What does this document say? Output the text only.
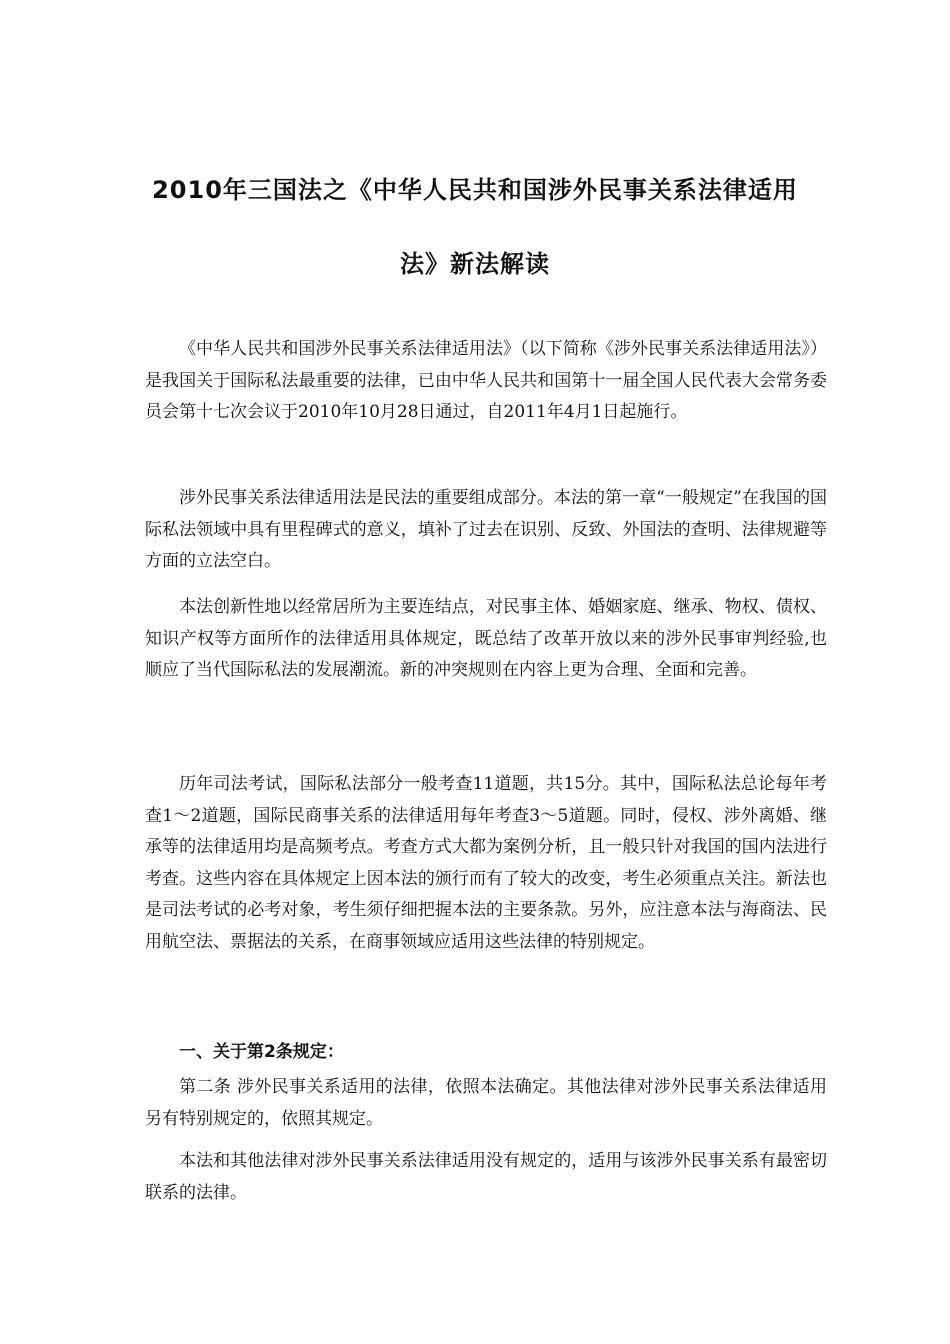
2010年三国法之《中华人民共和国涉外民事关系法律适用
法》新法解读

《中华人民共和国涉外民事关系法律适用法》（以下简称《涉外民事关系法律适用法》）是我国关于国际私法最重要的法律，已由中华人民共和国第十一届全国人民代表大会常务委员会第十七次会议于2010年10月28日通过，自2011年4月1日起施行。

涉外民事关系法律适用法是民法的重要组成部分。本法的第一章“一般规定”在我国的国际私法领域中具有里程碑式的意义，填补了过去在识别、反致、外国法的查明、法律规避等方面的立法空白。

本法创新性地以经常居所为主要连结点，对民事主体、婚姻家庭、继承、物权、债权、知识产权等方面所作的法律适用具体规定，既总结了改革开放以来的涉外民事审判经验,也顺应了当代国际私法的发展潮流。新的冲突规则在内容上更为合理、全面和完善。

历年司法考试，国际私法部分一般考查11道题，共15分。其中，国际私法总论每年考查1～2道题，国际民商事关系的法律适用每年考查3～5道题。同时，侵权、涉外离婚、继承等的法律适用均是高频考点。考查方式大都为案例分析，且一般只针对我国的国内法进行考查。这些内容在具体规定上因本法的颁行而有了较大的改变，考生必须重点关注。新法也是司法考试的必考对象，考生须仔细把握本法的主要条款。另外，应注意本法与海商法、民用航空法、票据法的关系，在商事领域应适用这些法律的特别规定。

一、关于第2条规定：

第二条 涉外民事关系适用的法律，依照本法确定。其他法律对涉外民事关系法律适用另有特别规定的，依照其规定。

本法和其他法律对涉外民事关系法律适用没有规定的，适用与该涉外民事关系有最密切联系的法律。
